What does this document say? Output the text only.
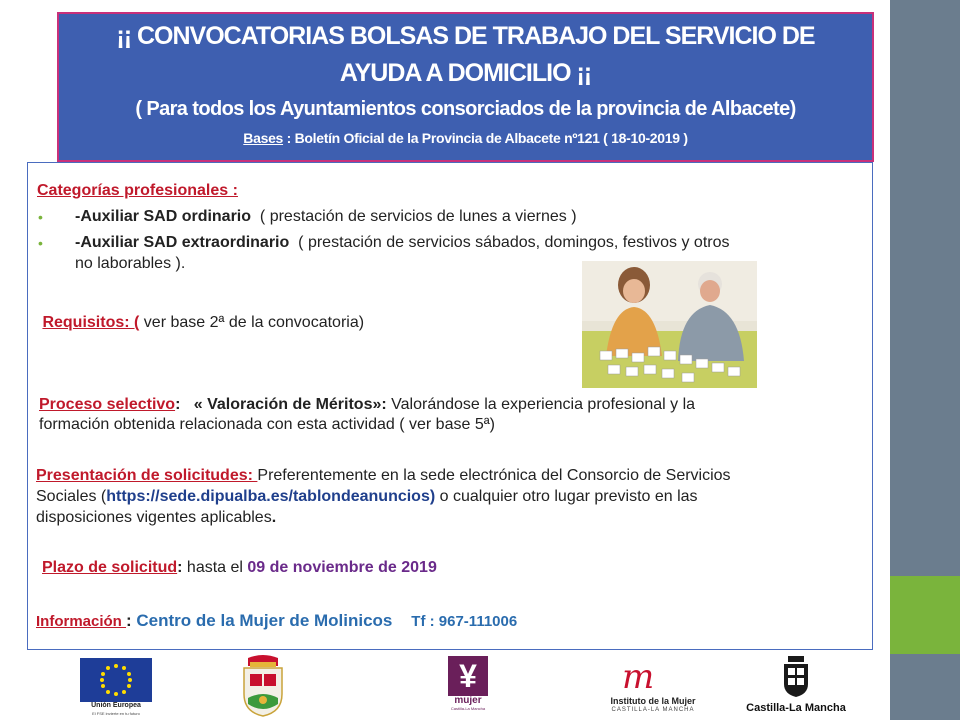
¡¡ CONVOCATORIAS BOLSAS DE TRABAJO DEL SERVICIO DE
AYUDA A DOMICILIO ¡¡
( Para todos los Ayuntamientos consorciados de la provincia de Albacete)
Bases : Boletín Oficial de la Provincia de Albacete nº121 ( 18-10-2019 )
Categorías profesionales :
• -Auxiliar SAD ordinario ( prestación de servicios de lunes a viernes )
• -Auxiliar SAD extraordinario ( prestación de servicios sábados, domingos, festivos y otros
no laborables ).
Requisitos: ( ver base 2ª de la convocatoria)
Proceso selectivo: « Valoración de Méritos»: Valorándose la experiencia profesional y la
formación obtenida relacionada con esta actividad ( ver base 5ª)
Presentación de solicitudes: Preferentemente en la sede electrónica del Consorcio de Servicios
Sociales (https://sede.dipualba.es/tablondeanuncios) o cualquier otro lugar previsto en las
disposiciones vigentes aplicables.
Plazo de solicitud: hasta el 09 de noviembre de 2019
Información : Centro de la Mujer de Molinicos Tf : 967-111006
Unión Europea
El FSE invierte en tu futuro
¥
mujer
Castilla-La Mancha
m
Instituto de la Mujer
CASTILLA-LA MANCHA	Castilla-La Mancha
